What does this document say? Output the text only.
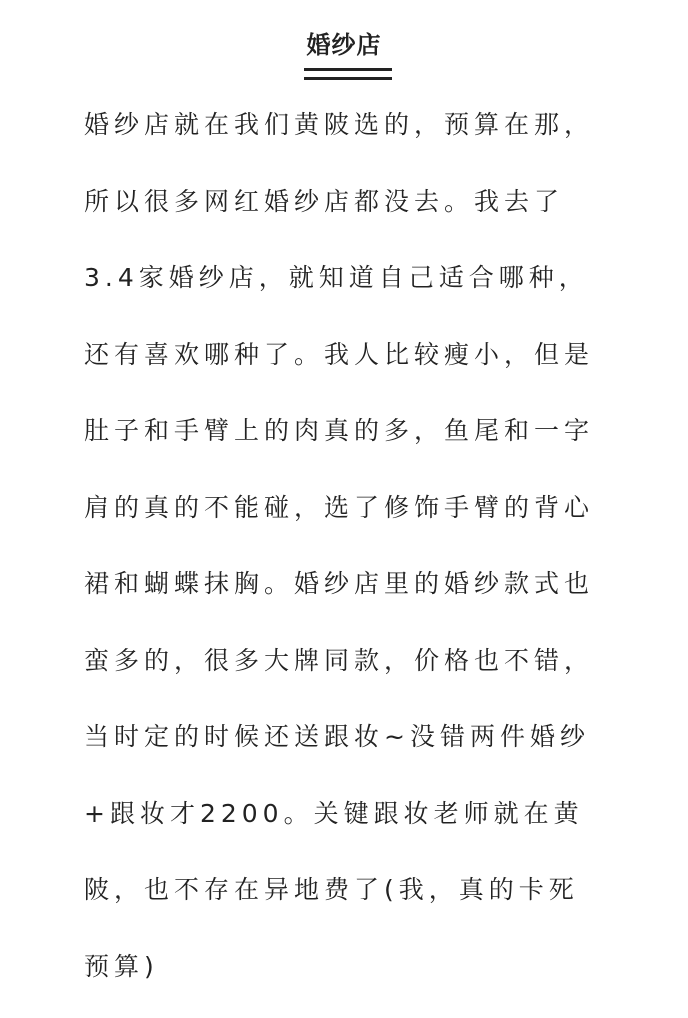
婚纱店
婚纱店就在我们黄陂选的，预算在那，
所以很多网红婚纱店都没去。我去了
3.4家婚纱店，就知道自己适合哪种，
还有喜欢哪种了。我人比较瘦小，但是
肚子和手臂上的肉真的多，鱼尾和一字
肩的真的不能碰，选了修饰手臂的背心
裙和蝴蝶抹胸。婚纱店里的婚纱款式也
蛮多的，很多大牌同款，价格也不错，
当时定的时候还送跟妆~没错两件婚纱
+跟妆才2200。关键跟妆老师就在黄
陂，也不存在异地费了(我，真的卡死
预算)
